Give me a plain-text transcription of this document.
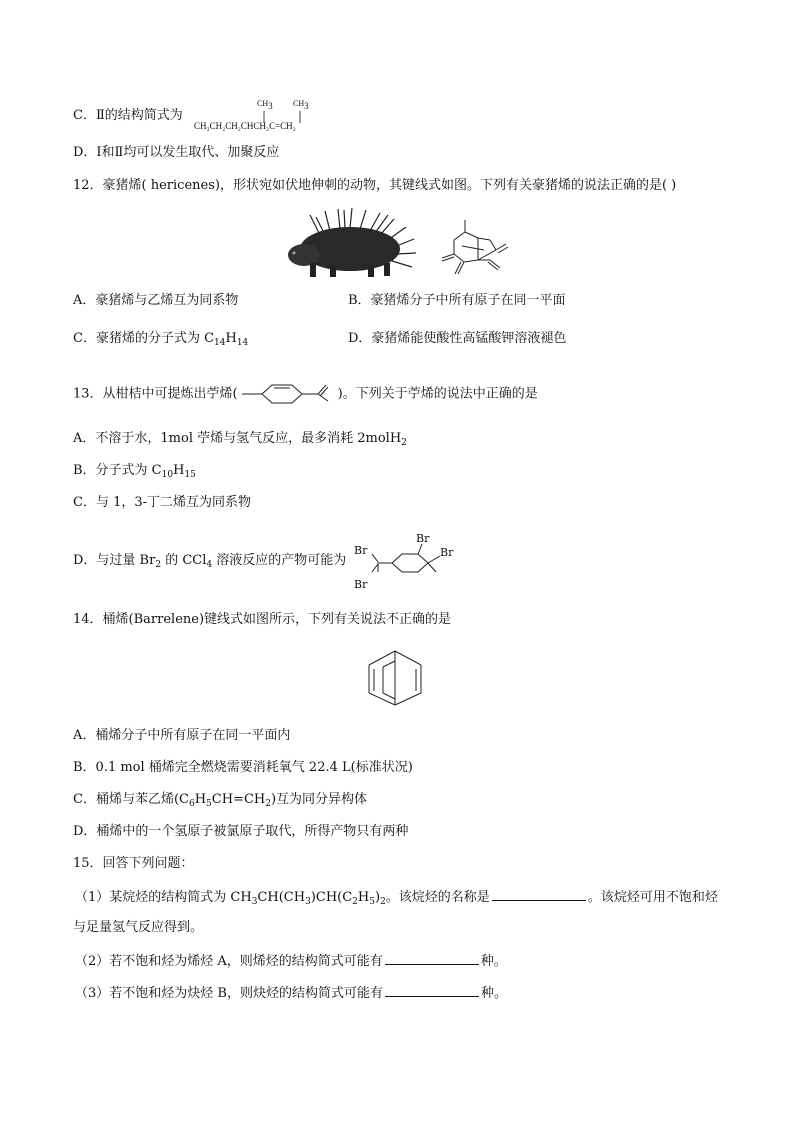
C．Ⅱ的结构简式为
$CH_3$	$CH_3$
CH₃CH₂CH₂CHCH₂C=CH₂
D．Ⅰ和Ⅱ均可以发生取代、加聚反应
12．豪猪烯( hericenes)，形状宛如伏地伸刺的动物，其键线式如图。下列有关豪猪烯的说法正确的是( )
A．豪猪烯与乙烯互为同系物	B．豪猪烯分子中所有原子在同一平面
C．豪猪烯的分子式为 $C_{14}H_{14}$	D．豪猪烯能使酸性高锰酸钾溶液褪色
13．从柑桔中可提炼出苧烯(	)。下列关于苧烯的说法中正确的是
A．不溶于水，1mol 苧烯与氢气反应，最多消耗 2molH$_2$
B．分子式为 $C_{10}H_{15}$
C．与 1，3-丁二烯互为同系物
D．与过量 $Br_2$ 的 CCl$_4$ 溶液反应的产物可能为
Br
Br
Br
Br
14．桶烯(Barrelene)键线式如图所示，下列有关说法不正确的是
A．桶烯分子中所有原子在同一平面内
B．0.1 mol 桶烯完全燃烧需要消耗氧气 22.4 L(标准状况)
C．桶烯与苯乙烯$(C_6H_5CH=CH_2)$互为同分异构体
D．桶烯中的一个氢原子被氯原子取代，所得产物只有两种
15．回答下列问题：
（1）某烷烃的结构简式为 $CH_3CH(CH_3)CH(C_2H_5)_2$。该烷烃的名称是	。该烷烃可用不饱和烃
与足量氢气反应得到。
（2）若不饱和烃为烯烃 A，则烯烃的结构简式可能有	种。
（3）若不饱和烃为炔烃 B，则炔烃的结构简式可能有	种。
